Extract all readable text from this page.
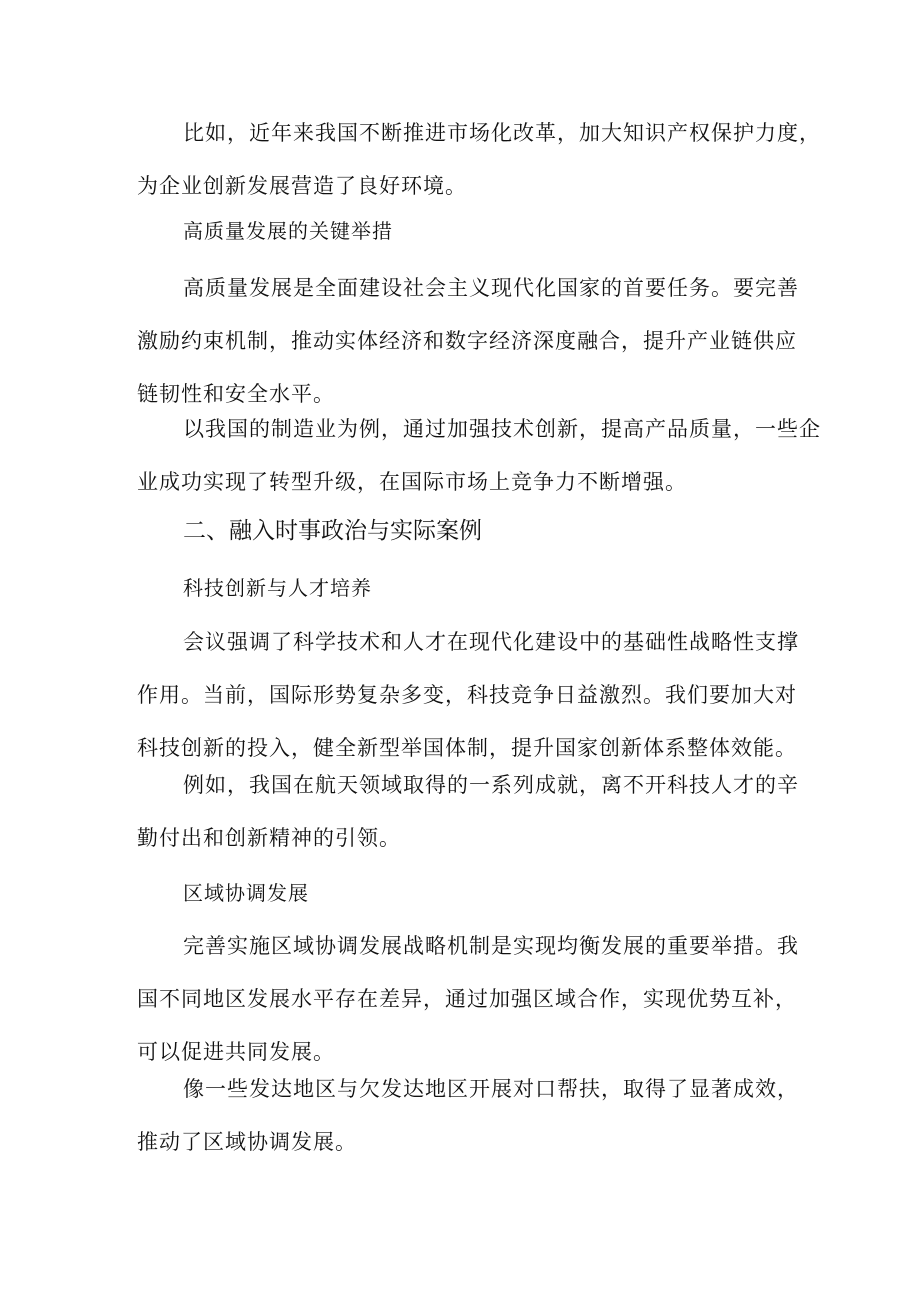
比如，近年来我国不断推进市场化改革，加大知识产权保护力度，
为企业创新发展营造了良好环境。

高质量发展的关键举措

高质量发展是全面建设社会主义现代化国家的首要任务。要完善
激励约束机制，推动实体经济和数字经济深度融合，提升产业链供应
链韧性和安全水平。
以我国的制造业为例，通过加强技术创新，提高产品质量，一些企
业成功实现了转型升级，在国际市场上竞争力不断增强。

二、融入时事政治与实际案例

科技创新与人才培养

会议强调了科学技术和人才在现代化建设中的基础性战略性支撑
作用。当前，国际形势复杂多变，科技竞争日益激烈。我们要加大对
科技创新的投入，健全新型举国体制，提升国家创新体系整体效能。
例如，我国在航天领域取得的一系列成就，离不开科技人才的辛
勤付出和创新精神的引领。

区域协调发展

完善实施区域协调发展战略机制是实现均衡发展的重要举措。我
国不同地区发展水平存在差异，通过加强区域合作，实现优势互补，
可以促进共同发展。
像一些发达地区与欠发达地区开展对口帮扶，取得了显著成效，
推动了区域协调发展。
